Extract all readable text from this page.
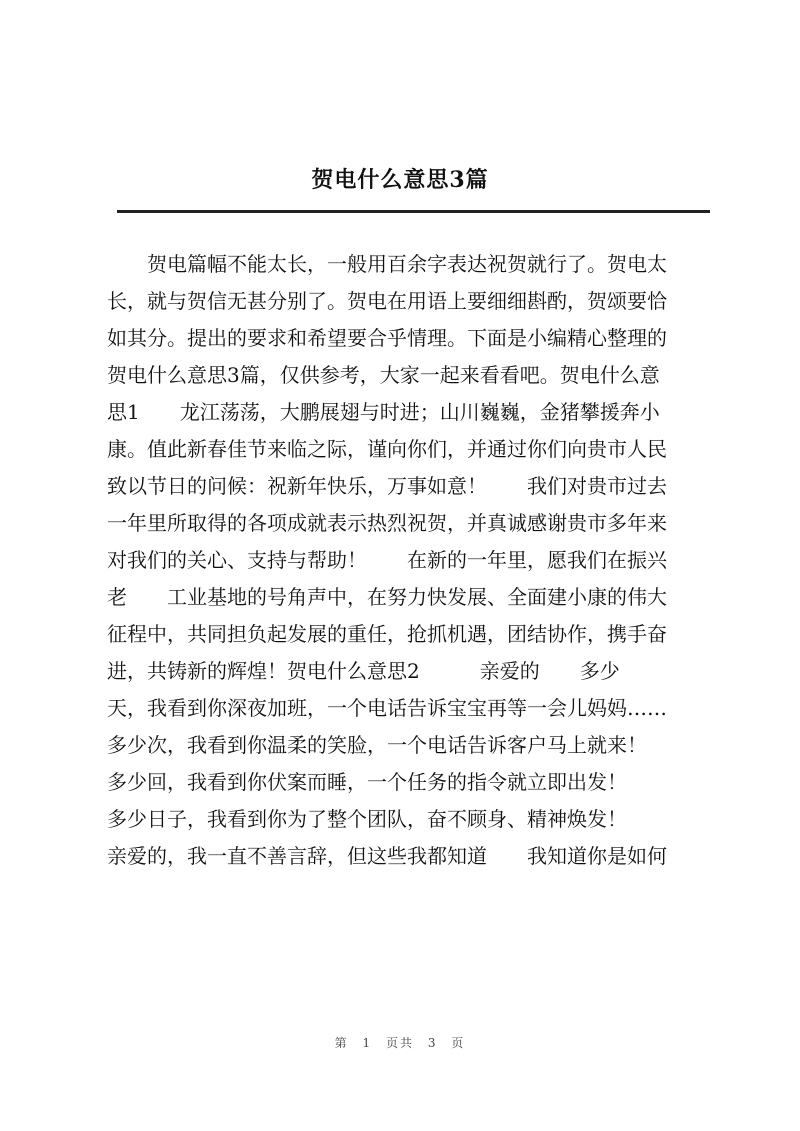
贺电什么意思3篇
贺电篇幅不能太长，一般用百余字表达祝贺就行了。贺电太
长，就与贺信无甚分别了。贺电在用语上要细细斟酌，贺颂要恰
如其分。提出的要求和希望要合乎情理。下面是小编精心整理的
贺电什么意思3篇，仅供参考，大家一起来看看吧。贺电什么意
思1　　龙江荡荡，大鹏展翅与时进；山川巍巍，金猪攀援奔小
康。值此新春佳节来临之际，谨向你们，并通过你们向贵市人民
致以节日的问候：祝新年快乐，万事如意！　　我们对贵市过去
一年里所取得的各项成就表示热烈祝贺，并真诚感谢贵市多年来
对我们的关心、支持与帮助！　　在新的一年里，愿我们在振兴
老　　工业基地的号角声中，在努力快发展、全面建小康的伟大
征程中，共同担负起发展的重任，抢抓机遇，团结协作，携手奋
进，共铸新的辉煌！贺电什么意思2　　　亲爱的　　多少
天，我看到你深夜加班，一个电话告诉宝宝再等一会儿妈妈……
多少次，我看到你温柔的笑脸，一个电话告诉客户马上就来！
多少回，我看到你伏案而睡，一个任务的指令就立即出发！
多少日子，我看到你为了整个团队，奋不顾身、精神焕发！
亲爱的，我一直不善言辞，但这些我都知道　　我知道你是如何
第 1 页共 3 页
